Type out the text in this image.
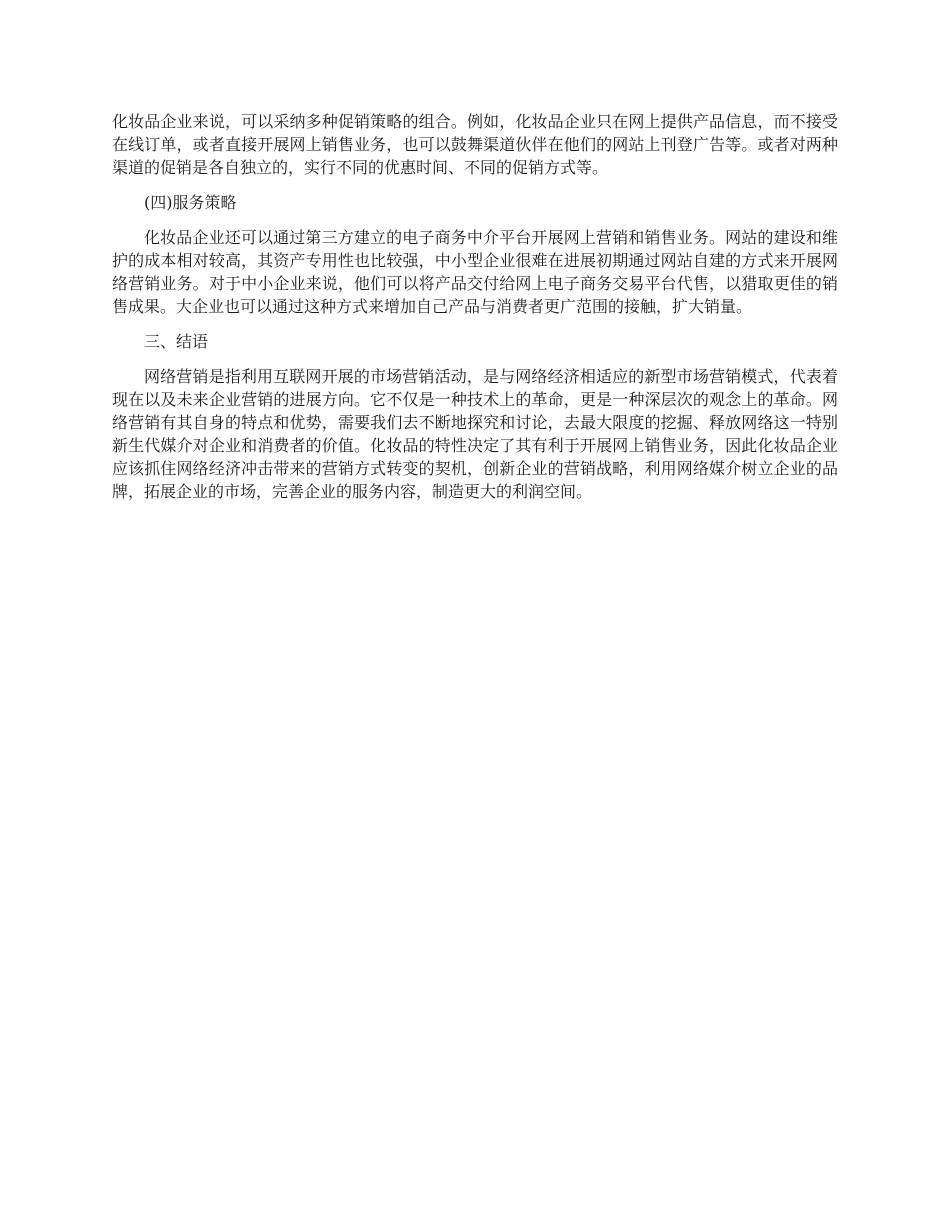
化妆品企业来说，可以采纳多种促销策略的组合。例如，化妆品企业只在网上提供产品信息，而不接受在线订单，或者直接开展网上销售业务，也可以鼓舞渠道伙伴在他们的网站上刊登广告等。或者对两种渠道的促销是各自独立的，实行不同的优惠时间、不同的促销方式等。

(四)服务策略

化妆品企业还可以通过第三方建立的电子商务中介平台开展网上营销和销售业务。网站的建设和维护的成本相对较高，其资产专用性也比较强，中小型企业很难在进展初期通过网站自建的方式来开展网络营销业务。对于中小企业来说，他们可以将产品交付给网上电子商务交易平台代售，以猎取更佳的销售成果。大企业也可以通过这种方式来增加自己产品与消费者更广范围的接触，扩大销量。

三、结语

网络营销是指利用互联网开展的市场营销活动，是与网络经济相适应的新型市场营销模式，代表着现在以及未来企业营销的进展方向。它不仅是一种技术上的革命，更是一种深层次的观念上的革命。网络营销有其自身的特点和优势，需要我们去不断地探究和讨论，去最大限度的挖掘、释放网络这一特别新生代媒介对企业和消费者的价值。化妆品的特性决定了其有利于开展网上销售业务，因此化妆品企业应该抓住网络经济冲击带来的营销方式转变的契机，创新企业的营销战略，利用网络媒介树立企业的品牌，拓展企业的市场，完善企业的服务内容，制造更大的利润空间。
